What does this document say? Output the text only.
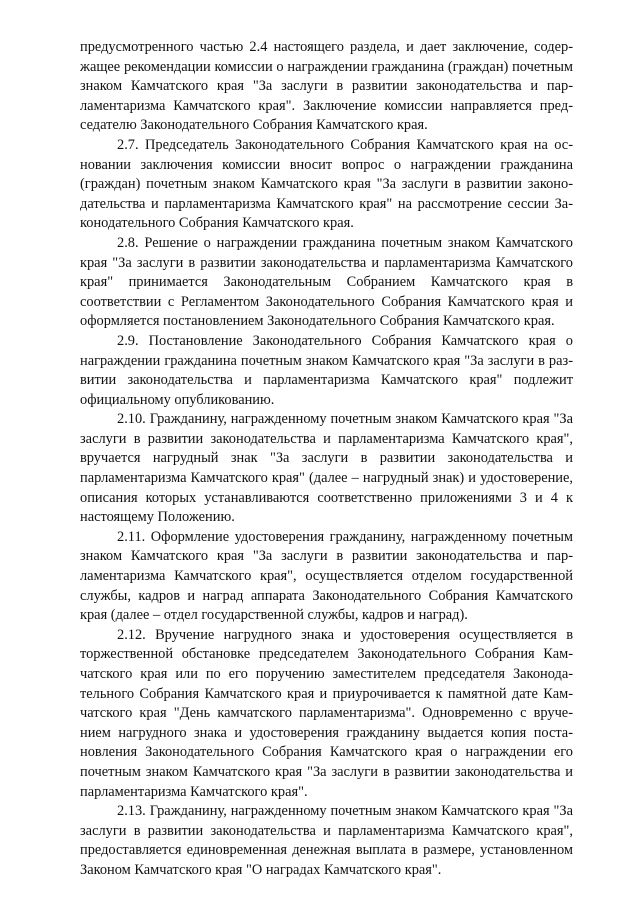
предусмотренного частью 2.4 настоящего раздела, и дает заключение, содержащее рекомендации комиссии о награждении гражданина (граждан) почетным знаком Камчатского края "За заслуги в развитии законодательства и парламентаризма Камчатского края". Заключение комиссии направляется председателю Законодательного Собрания Камчатского края.

2.7. Председатель Законодательного Собрания Камчатского края на основании заключения комиссии вносит вопрос о награждении гражданина (граждан) почетным знаком Камчатского края "За заслуги в развитии законодательства и парламентаризма Камчатского края" на рассмотрение сессии Законодательного Собрания Камчатского края.

2.8. Решение о награждении гражданина почетным знаком Камчатского края "За заслуги в развитии законодательства и парламентаризма Камчатского края" принимается Законодательным Собранием Камчатского края в соответствии с Регламентом Законодательного Собрания Камчатского края и оформляется постановлением Законодательного Собрания Камчатского края.

2.9. Постановление Законодательного Собрания Камчатского края о награждении гражданина почетным знаком Камчатского края "За заслуги в развитии законодательства и парламентаризма Камчатского края" подлежит официальному опубликованию.

2.10. Гражданину, награжденному почетным знаком Камчатского края "За заслуги в развитии законодательства и парламентаризма Камчатского края", вручается нагрудный знак "За заслуги в развитии законодательства и парламентаризма Камчатского края" (далее – нагрудный знак) и удостоверение, описания которых устанавливаются соответственно приложениями 3 и 4 к настоящему Положению.

2.11. Оформление удостоверения гражданину, награжденному почетным знаком Камчатского края "За заслуги в развитии законодательства и парламентаризма Камчатского края", осуществляется отделом государственной службы, кадров и наград аппарата Законодательного Собрания Камчатского края (далее – отдел государственной службы, кадров и наград).

2.12. Вручение нагрудного знака и удостоверения осуществляется в торжественной обстановке председателем Законодательного Собрания Камчатского края или по его поручению заместителем председателя Законодательного Собрания Камчатского края и приурочивается к памятной дате Камчатского края "День камчатского парламентаризма". Одновременно с вручением нагрудного знака и удостоверения гражданину выдается копия постановления Законодательного Собрания Камчатского края о награждении его почетным знаком Камчатского края "За заслуги в развитии законодательства и парламентаризма Камчатского края".

2.13. Гражданину, награжденному почетным знаком Камчатского края "За заслуги в развитии законодательства и парламентаризма Камчатского края", предоставляется единовременная денежная выплата в размере, установленном Законом Камчатского края "О наградах Камчатского края".
